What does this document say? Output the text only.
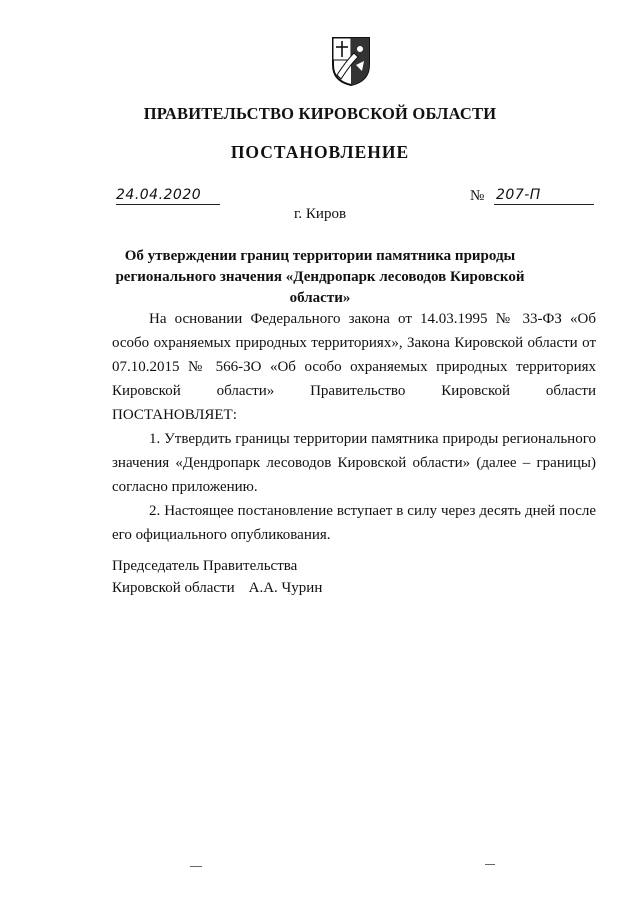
ПРАВИТЕЛЬСТВО КИРОВСКОЙ ОБЛАСТИ
ПОСТАНОВЛЕНИЕ
24.04.2020	№ 207-П
г. Киров
Об утверждении границ территории памятника природы
регионального значения «Дендропарк лесоводов Кировской области»

На основании Федерального закона от 14.03.1995 № 33-ФЗ «Об особо охраняемых природных территориях», Закона Кировской области от 07.10.2015 № 566-ЗО «Об особо охраняемых природных территориях Кировской области» Правительство Кировской области ПОСТАНОВЛЯЕТ:

1. Утвердить границы территории памятника природы регионального значения «Дендропарк лесоводов Кировской области» (далее – границы) согласно приложению.

2. Настоящее постановление вступает в силу через десять дней после его официального опубликования.

Председатель Правительства
Кировской области А.А. Чурин
